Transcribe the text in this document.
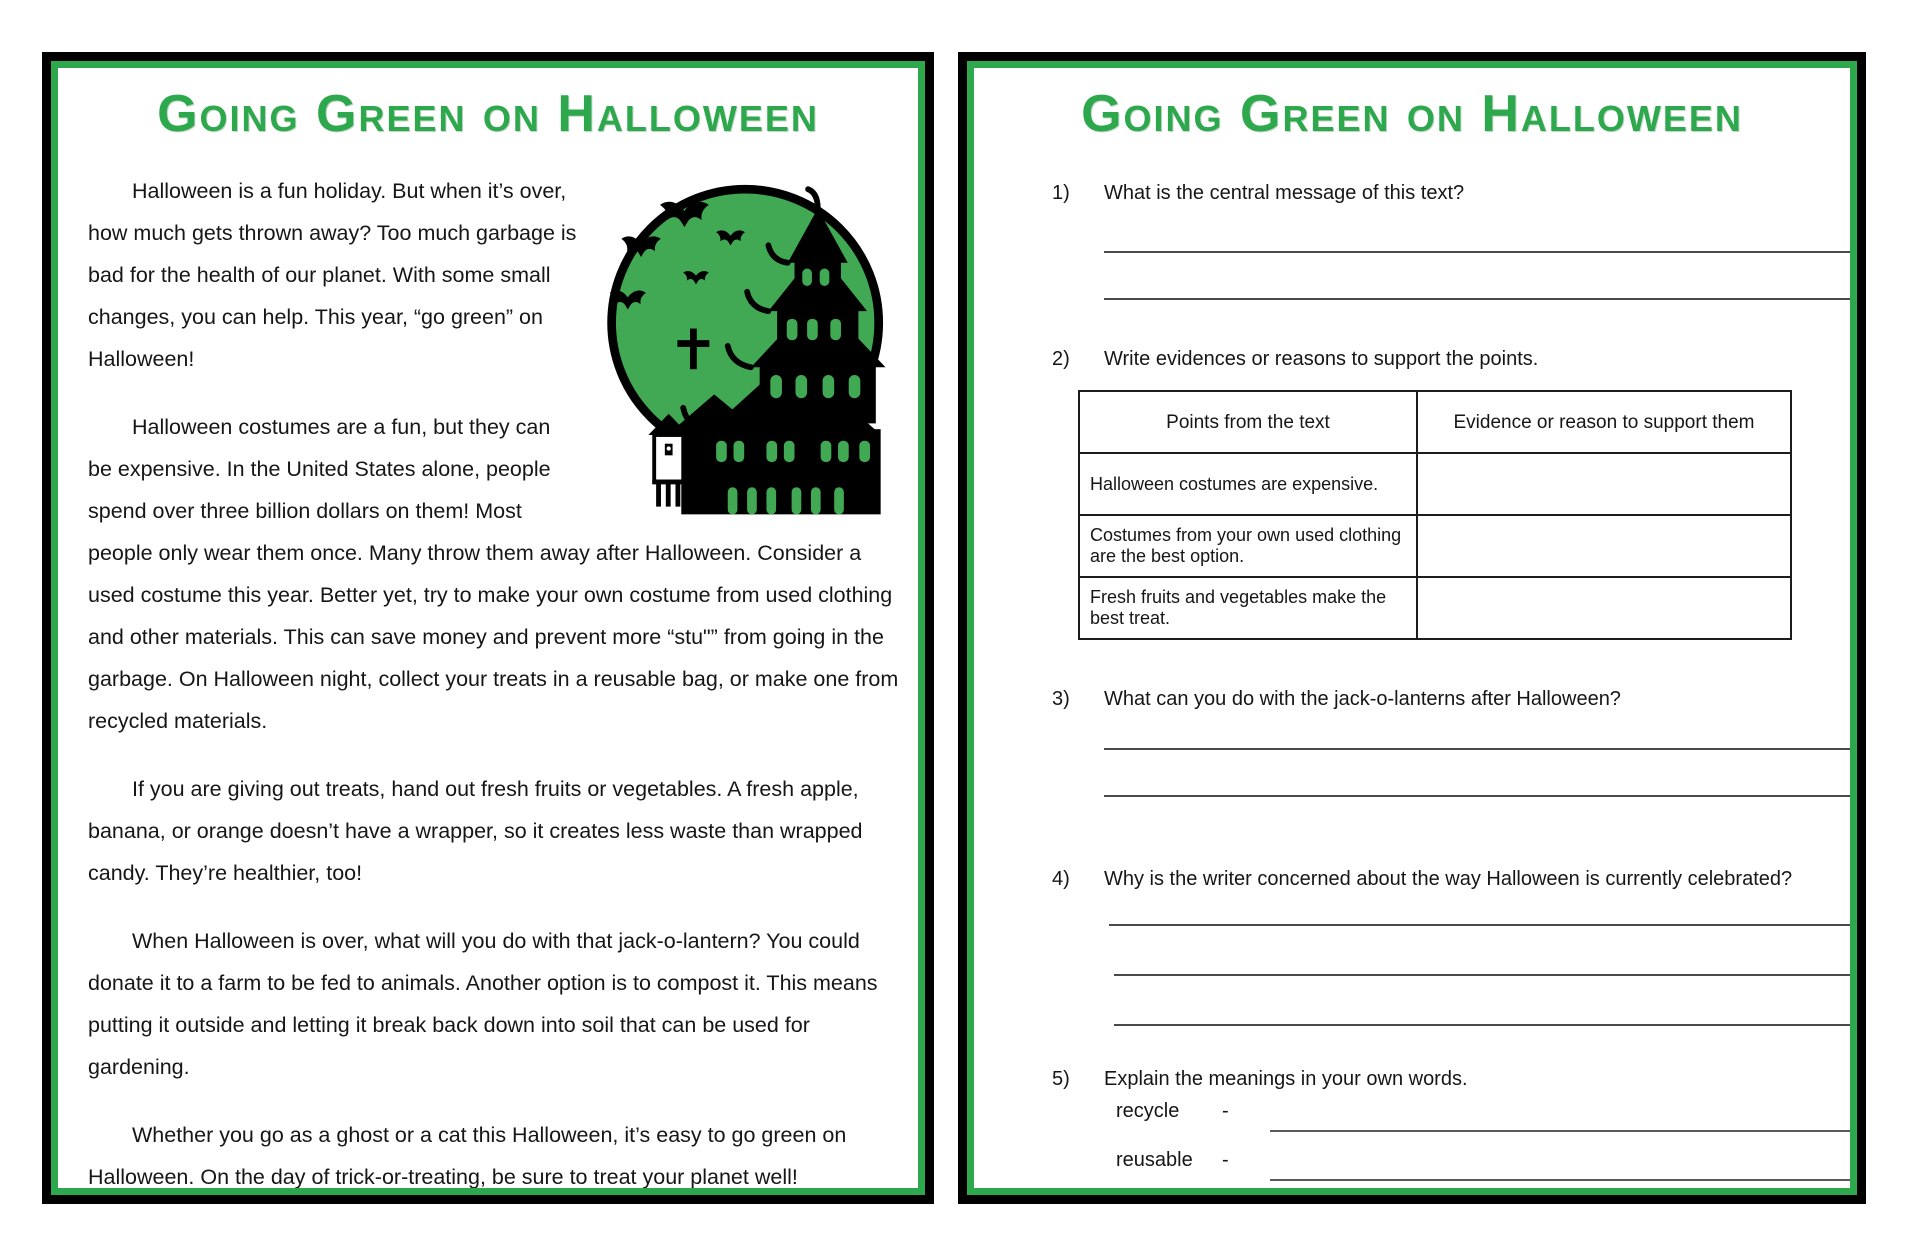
Going Green on Halloween

Halloween is a fun holiday. But when it’s over, how much gets thrown away? Too much garbage is bad for the health of our planet. With some small changes, you can help. This year, “go green” on Halloween!

Halloween costumes are a fun, but they can be expensive. In the United States alone, people spend over three billion dollars on them! Most people only wear them once. Many throw them away after Halloween. Consider a used costume this year. Better yet, try to make your own costume from used clothing and other materials. This can save money and prevent more “stu"” from going in the garbage. On Halloween night, collect your treats in a reusable bag, or make one from recycled materials.

If you are giving out treats, hand out fresh fruits or vegetables. A fresh apple, banana, or orange doesn’t have a wrapper, so it creates less waste than wrapped candy. They’re healthier, too!

When Halloween is over, what will you do with that jack-o-lantern? You could donate it to a farm to be fed to animals. Another option is to compost it. This means putting it outside and letting it break back down into soil that can be used for gardening.

Whether you go as a ghost or a cat this Halloween, it’s easy to go green on Halloween. On the day of trick-or-treating, be sure to treat your planet well!

Going Green on Halloween
1) What is the central message of this text?
2) Write evidences or reasons to support the points.
Points from the text	Evidence or reason to support them
Halloween costumes are expensive.	
Costumes from your own used clothing are the best option.	
Fresh fruits and vegetables make the best treat.	
3) What can you do with the jack-o-lanterns after Halloween?
4) Why is the writer concerned about the way Halloween is currently celebrated?
5) Explain the meanings in your own words.
recycle -
reusable -
